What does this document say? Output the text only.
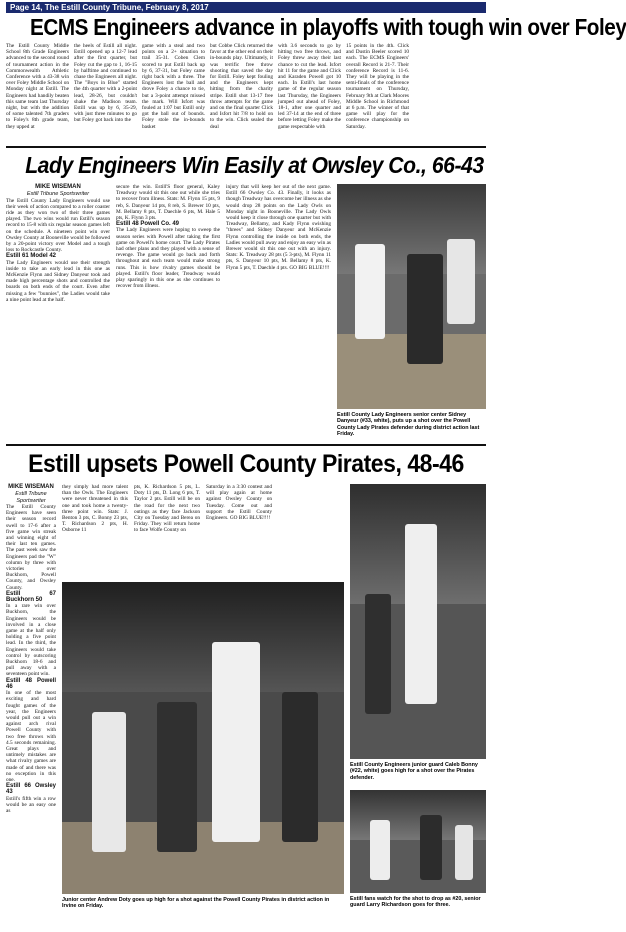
Page 14, The Estill County Tribune, February 8, 2017
ECMS Engineers advance in playoffs with tough win over Foley

The Estill County Middle School 8th Grade Engineers advanced to the second round of tournament action in the Commonwealth Athletic Conference with a 43-38 win over Foley Middle School on Monday night at Estill. The Engineers had handily beaten this same team last Thursday night, but with the addition of some talented 7th graders to Foley's 8th grade team, they upped at

the heels of Estill all night. Estill opened up a 12-7 lead after the first quarter, but Foley cut the gap to 1, 16-15 by halftime and continued to chase the Engineers all night. The "Boys in Blue" started the 4th quarter with a 2-point lead, 28-26, but couldn't shake the Madison team. Estill was up by 6, 35-29, with just three minutes to go but Foley got back into the

game with a steal and two points on a 2+ situation to trail 35-31. Coben Clem scored to put Estill back up by 6, 37-31, but Foley came right back with a three. The Engineers lost the ball and drove Foley a chance to tie, but a 3-point attempt missed the mark. Will Isfort was fouled at 1:07 but Estill only got the ball out of bounds. Foley stole the in-bounds basket

but Cobbe Click returned the favor at the other end on their in-bounds play. Ultimately, it was terrific free throw shooting that saved the day for Estill. Foley kept fouling and the Engineers kept hitting from the charity stripe. Estill shot 13-17 free throw attempts for the game and on the final quarter Click and Isfort hit 7/8 to hold on to the win. Click sealed the deal

with 3.6 seconds to go by hitting two free throws, and Foley threw away their last chance to cut the lead. Isfort hit 11 for the game and Click and Karaden Powell got 10 each. In Estill's last home game of the regular season last Thursday, the Engineers jumped out ahead of Foley, 18-1, after one quarter and led 37-14 at the end of three before letting Foley make the game respectable with

15 points in the 4th. Click and Dustin Beeler scored 10 each. The ECMS Engineers' overall Record is 21-7. Their conference Record is 11-6. They will be playing in the semi-finals of the conference tournament on Thursday, February 9th at Clark Moores Middle School in Richmond at 6 p.m. The winner of that game will play for the conference championship on Saturday.

Lady Engineers Win Easily at Owsley Co., 66-43

MIKE WISEMAN

Estill Tribune Sportswriter

The Estill County Lady Engineers would use their week of action compared to a roller coaster ride as they won two of their three games played. The two wins would run Estill's season record to 15-8 with six regular season games left on the schedule. A nineteen point win over Owsley County at Booneville would be followed by a 20-point victory over Model and a tough loss to Rockcastle County.

Estill 61 Model 42

The Lady Engineers would use their strength inside to take an early lead in this one as McKenzie Flynn and Sidney Danyeur took and made high percentage shots and controlled the boards on both ends of the court. Even after missing a few "bunnies", the Ladies would take a nine point lead at the half.

secure the win. Estill'S floor general, Kaley Treadway would sit this one out while she tries to recover from illness. Stats: M. Flynn 15 pts, 9 reb, S. Danyeur 14 pts, 8 reb, S. Brewer 10 pts, M. Bellamy 8 pts, T. Daechle 6 pts, M. Hale 5 pts, K. Flynn 3 pts.

Estill 48 Powell Co. 49

The Lady Engineers were hoping to sweep the season series with Powell after taking the first game on Powell's home court. The Lady Pirates had other plans and they played with a sense of revenge. The game would go back and forth throughout and each team would make strong runs. This is how rivalry games should be played. Estill's floor leader, Treadway would play sparingly in this one as she continues to recover from illness.

injury that will keep her out of the next game. Estill 66 Owsley Co. 43. Finally, it looks as though Treadway has overcome her illness as she would drop 28 points on the Lady Owls on Monday night in Booneville. The Lady Owls would keep it close through one quarter but with Treadway, Bellamy, and Kady Flynn swishing "threes" and Sidney Danyeur and McKenzie Flynn controlling the inside on both ends, the Ladies would pull away and enjoy an easy win as Brewer would sit this one out with an injury. Stats: K. Treadway 28 pts (5 3-pts), M. Flynn 11 pts, S. Danyeur 10 pts, M. Bellamy 8 pts, K. Flynn 5 pts, T. Daechle 4 pts. GO BIG BLUE!!!!

Estill County Lady Engineers senior center Sidney Danyeur (#33, white), puts up a shot over the Powell County Lady Pirates defender during district action last Friday.
Estill upsets Powell County Pirates, 48-46

MIKE WISEMAN

Estill Tribune Sportswriter

The Estill County Engineers have seen their season record swell to 17-6 after a five game win streak and winning eight of their last ten games. The past week saw the Engineers pad the "W" column by three with victories over Buckhorn, Powell County, and Owsley County.

Estill 67 Buckhorn 50

In a rare win over Buckhorn, the Engineers would be involved in a close game at the half only holding a five point lead. In the third, the Engineers would take control by outscoring Buckhorn 18-6 and pull away with a seventeen point win.

Estill 48 Powell 46

In one of the most exciting and hard fought games of the year, the Engineers would pull out a win against arch rival Powell County with two free throws with 4.5 seconds remaining. Great plays and untimely mistakes are what rivalry games are made of and there was no exception in this one.

Estill 66 Owsley 43

Estill's fifth win a row would be an easy one as

they simply had more talent than the Owls. The Engineers were never threatened in this one and took home a twenty-three point win. Stats: J. Benton 3 pts, C. Bonny 23 pts, T. Richardson 2 pts, H. Osborne 11

pts, K. Richardson 5 pts, L. Doty 11 pts, D. Long 6 pts, T. Taylor 2 pts. Estill will be on the road for the next two outings as they face Jackson City on Tuesday and Berea on Friday. They will return home to face Wolfe County on

Saturday in a 3:30 contest and will play again at home against Owsley County on Tuesday. Come out and support the Estill County Engineers. GO BIG BLUE!!!!

Junior center Andrew Doty goes up high for a shot against the Powell County Pirates in district action in Irvine on Friday.
Estill County Engineers junior guard Caleb Bonny (#22, white) goes high for a shot over the Pirates defender.
Estill fans watch for the shot to drop as #20, senior guard Larry Richardson goes for three.
